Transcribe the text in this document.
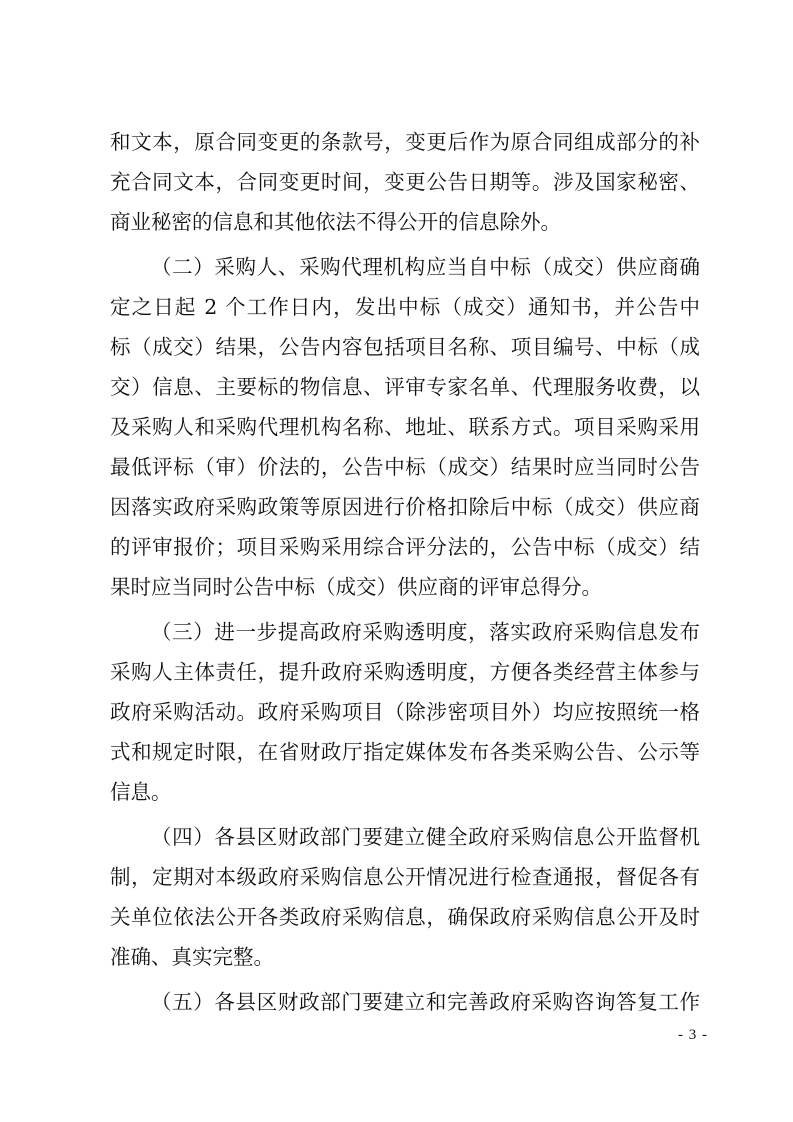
和文本，原合同变更的条款号，变更后作为原合同组成部分的补
充合同文本，合同变更时间，变更公告日期等。涉及国家秘密、
商业秘密的信息和其他依法不得公开的信息除外。
（二）采购人、采购代理机构应当自中标（成交）供应商确
定之日起 2 个工作日内，发出中标（成交）通知书，并公告中
标（成交）结果，公告内容包括项目名称、项目编号、中标（成
交）信息、主要标的物信息、评审专家名单、代理服务收费，以
及采购人和采购代理机构名称、地址、联系方式。项目采购采用
最低评标（审）价法的，公告中标（成交）结果时应当同时公告
因落实政府采购政策等原因进行价格扣除后中标（成交）供应商
的评审报价；项目采购采用综合评分法的，公告中标（成交）结
果时应当同时公告中标（成交）供应商的评审总得分。
（三）进一步提高政府采购透明度，落实政府采购信息发布
采购人主体责任，提升政府采购透明度，方便各类经营主体参与
政府采购活动。政府采购项目（除涉密项目外）均应按照统一格
式和规定时限，在省财政厅指定媒体发布各类采购公告、公示等
信息。
（四）各县区财政部门要建立健全政府采购信息公开监督机
制，定期对本级政府采购信息公开情况进行检查通报，督促各有
关单位依法公开各类政府采购信息，确保政府采购信息公开及时
准确、真实完整。
（五）各县区财政部门要建立和完善政府采购咨询答复工作
- 3 -
